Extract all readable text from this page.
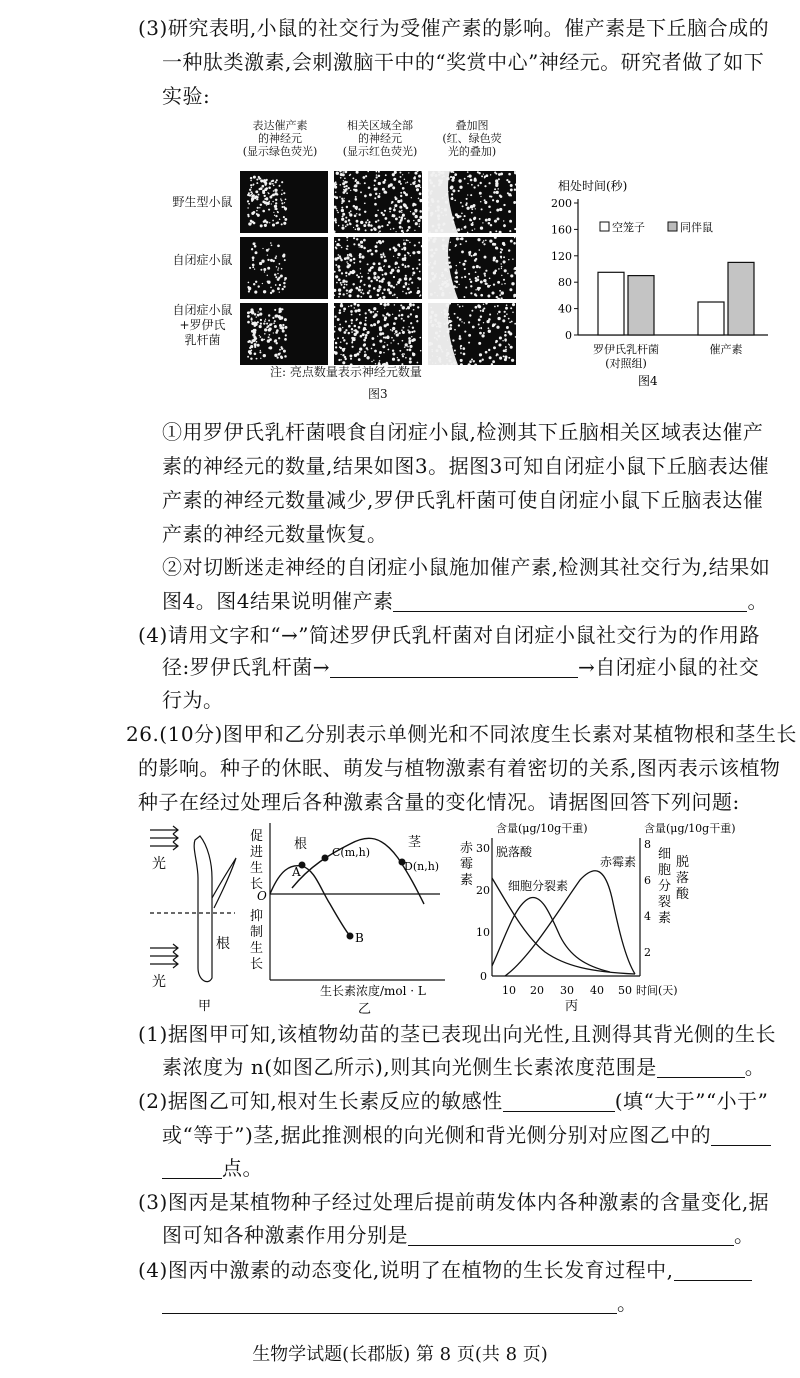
(3)研究表明,小鼠的社交行为受催产素的影响。催产素是下丘脑合成的
一种肽类激素,会刺激脑干中的“奖赏中心”神经元。研究者做了如下
实验:
表达催产素
的神经元
(显示绿色荧光)
相关区域全部
的神经元
(显示红色荧光)
叠加图
(红、绿色荧
光的叠加)
野生型小鼠
自闭症小鼠
自闭症小鼠
+罗伊氏
乳杆菌
注: 亮点数量表示神经元数量
图3
相处时间(秒)
0
40
80
120
160
200
空笼子	同伴鼠
罗伊氏乳杆菌
(对照组)
催产素
图4
①用罗伊氏乳杆菌喂食自闭症小鼠,检测其下丘脑相关区域表达催产
素的神经元的数量,结果如图3。据图3可知自闭症小鼠下丘脑表达催
产素的神经元数量减少,罗伊氏乳杆菌可使自闭症小鼠下丘脑表达催
产素的神经元数量恢复。
②对切断迷走神经的自闭症小鼠施加催产素,检测其社交行为,结果如
图4。图4结果说明催产素	。
(4)请用文字和“→”简述罗伊氏乳杆菌对自闭症小鼠社交行为的作用路
径:罗伊氏乳杆菌→	→自闭症小鼠的社交
行为。
26.(10分)图甲和乙分别表示单侧光和不同浓度生长素对某植物根和茎生长
的影响。种子的休眠、萌发与植物激素有着密切的关系,图丙表示该植物
种子在经过处理后各种激素含量的变化情况。请据图回答下列问题:
光
光
根
甲
促
进
生
长
抑
制
生
长
O
根	茎
A
B
C(m,h)
D(n,h)
生长素浓度/mol · L
乙
赤
霉
素
含量(μg/10g干重)	含量(μg/10g干重)
30
20
10
0
8
6
4
2
细
胞
分
裂
素
脱
落
酸
10 20 30 40 50 时间(天)
脱落酸
细胞分裂素
赤霉素
丙
(1)据图甲可知,该植物幼苗的茎已表现出向光性,且测得其背光侧的生长
素浓度为 n(如图乙所示),则其向光侧生长素浓度范围是	。
(2)据图乙可知,根对生长素反应的敏感性	(填“大于”“小于”
或“等于”)茎,据此推测根的向光侧和背光侧分别对应图乙中的
点。
(3)图丙是某植物种子经过处理后提前萌发体内各种激素的含量变化,据
图可知各种激素作用分别是	。
(4)图丙中激素的动态变化,说明了在植物的生长发育过程中,
。
生物学试题(长郡版) 第 8 页(共 8 页)
